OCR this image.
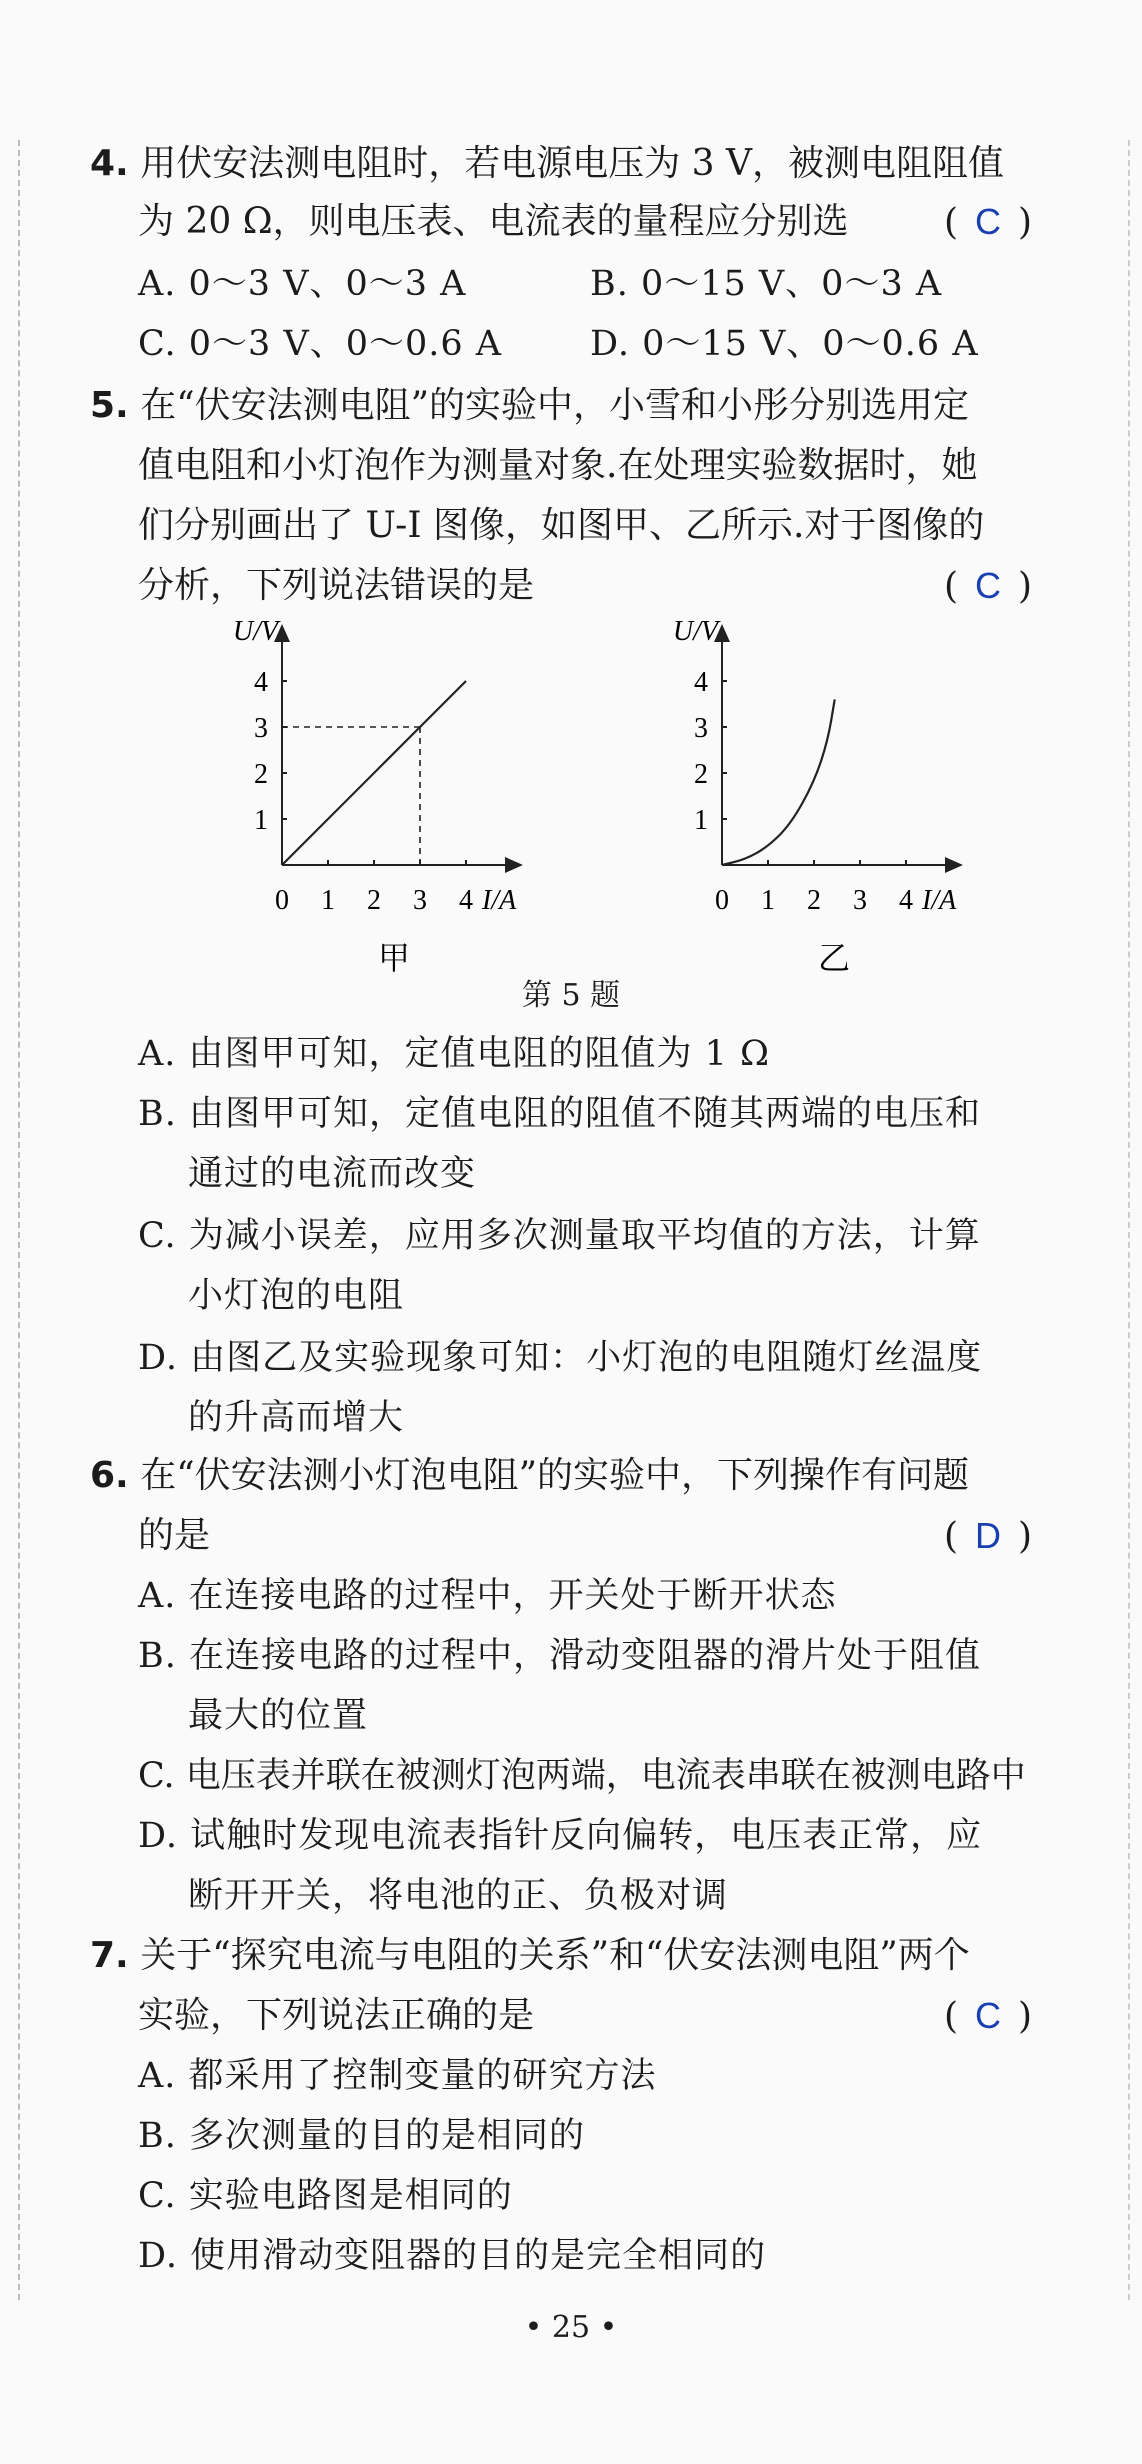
4. 用伏安法测电阻时，若电源电压为 3 V，被测电阻阻值
为 20 Ω，则电压表、电流表的量程应分别选	( C )
A. 0～3 V、0～3 A	B. 0～15 V、0～3 A
C. 0～3 V、0～0.6 A	D. 0～15 V、0～0.6 A
5. 在“伏安法测电阻”的实验中，小雪和小彤分别选用定
值电阻和小灯泡作为测量对象.在处理实验数据时，她
们分别画出了 U-I 图像，如图甲、乙所示.对于图像的
分析，下列说法错误的是	( C )
U/V
I/A
0 1 2 3 4
1
2
3
4
甲
U/V
I/A
0 1 2 3 4
1
2
3
4
乙
第 5 题
A. 由图甲可知，定值电阻的阻值为 1 Ω
B. 由图甲可知，定值电阻的阻值不随其两端的电压和
通过的电流而改变
C. 为减小误差，应用多次测量取平均值的方法，计算
小灯泡的电阻
D. 由图乙及实验现象可知：小灯泡的电阻随灯丝温度
的升高而增大
6. 在“伏安法测小灯泡电阻”的实验中，下列操作有问题
的是	( D )
A. 在连接电路的过程中，开关处于断开状态
B. 在连接电路的过程中，滑动变阻器的滑片处于阻值
最大的位置
C. 电压表并联在被测灯泡两端，电流表串联在被测电路中
D. 试触时发现电流表指针反向偏转，电压表正常，应
断开开关，将电池的正、负极对调
7. 关于“探究电流与电阻的关系”和“伏安法测电阻”两个
实验，下列说法正确的是	( C )
A. 都采用了控制变量的研究方法
B. 多次测量的目的是相同的
C. 实验电路图是相同的
D. 使用滑动变阻器的目的是完全相同的
• 25 •
